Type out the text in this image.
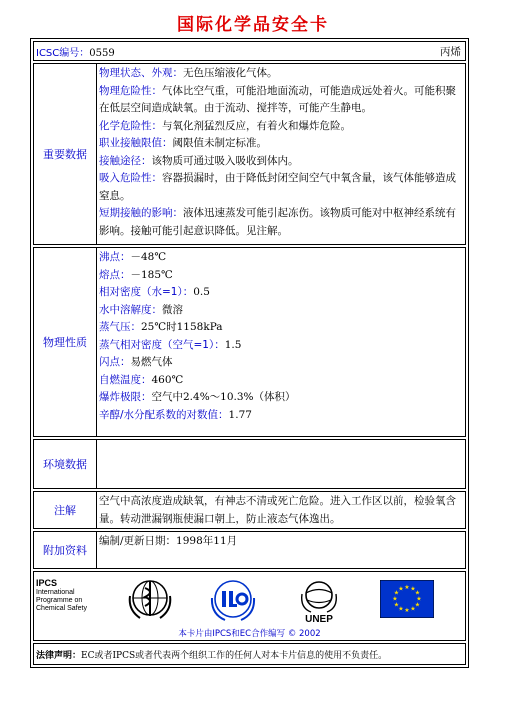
国际化学品安全卡
ICSC编号：0559	丙烯
重要数据
物理状态、外观：无色压缩液化气体。
物理危险性：气体比空气重，可能沿地面流动，可能造成远处着火。可能积聚在低层空间造成缺氧。由于流动、搅拌等，可能产生静电。
化学危险性：与氧化剂猛烈反应，有着火和爆炸危险。
职业接触限值：阈限值未制定标准。
接触途径：该物质可通过吸入吸收到体内。
吸入危险性：容器损漏时，由于降低封闭空间空气中氧含量，该气体能够造成窒息。
短期接触的影响：液体迅速蒸发可能引起冻伤。该物质可能对中枢神经系统有影响。接触可能引起意识降低。见注解。
物理性质
沸点：－48℃
熔点：－185℃
相对密度（水=1）：0.5
水中溶解度：微溶
蒸气压：25℃时1158kPa
蒸气相对密度（空气=1）：1.5
闪点：易燃气体
自燃温度：460℃
爆炸极限：空气中2.4%～10.3%（体积）
辛醇/水分配系数的对数值：1.77
环境数据
注解
空气中高浓度造成缺氧，有神志不清或死亡危险。进入工作区以前，检验氧含量。转动泄漏钢瓶使漏口朝上，防止液态气体逸出。
附加资料
编制/更新日期：1998年11月
IPCS
International
Programme on
Chemical Safety
UNEP
★ ★
★
★
★
★
★
★
★
★
★
★
本卡片由IPCS和EC合作编写 © 2002
法律声明：EC或者IPCS或者代表两个组织工作的任何人对本卡片信息的使用不负责任。
